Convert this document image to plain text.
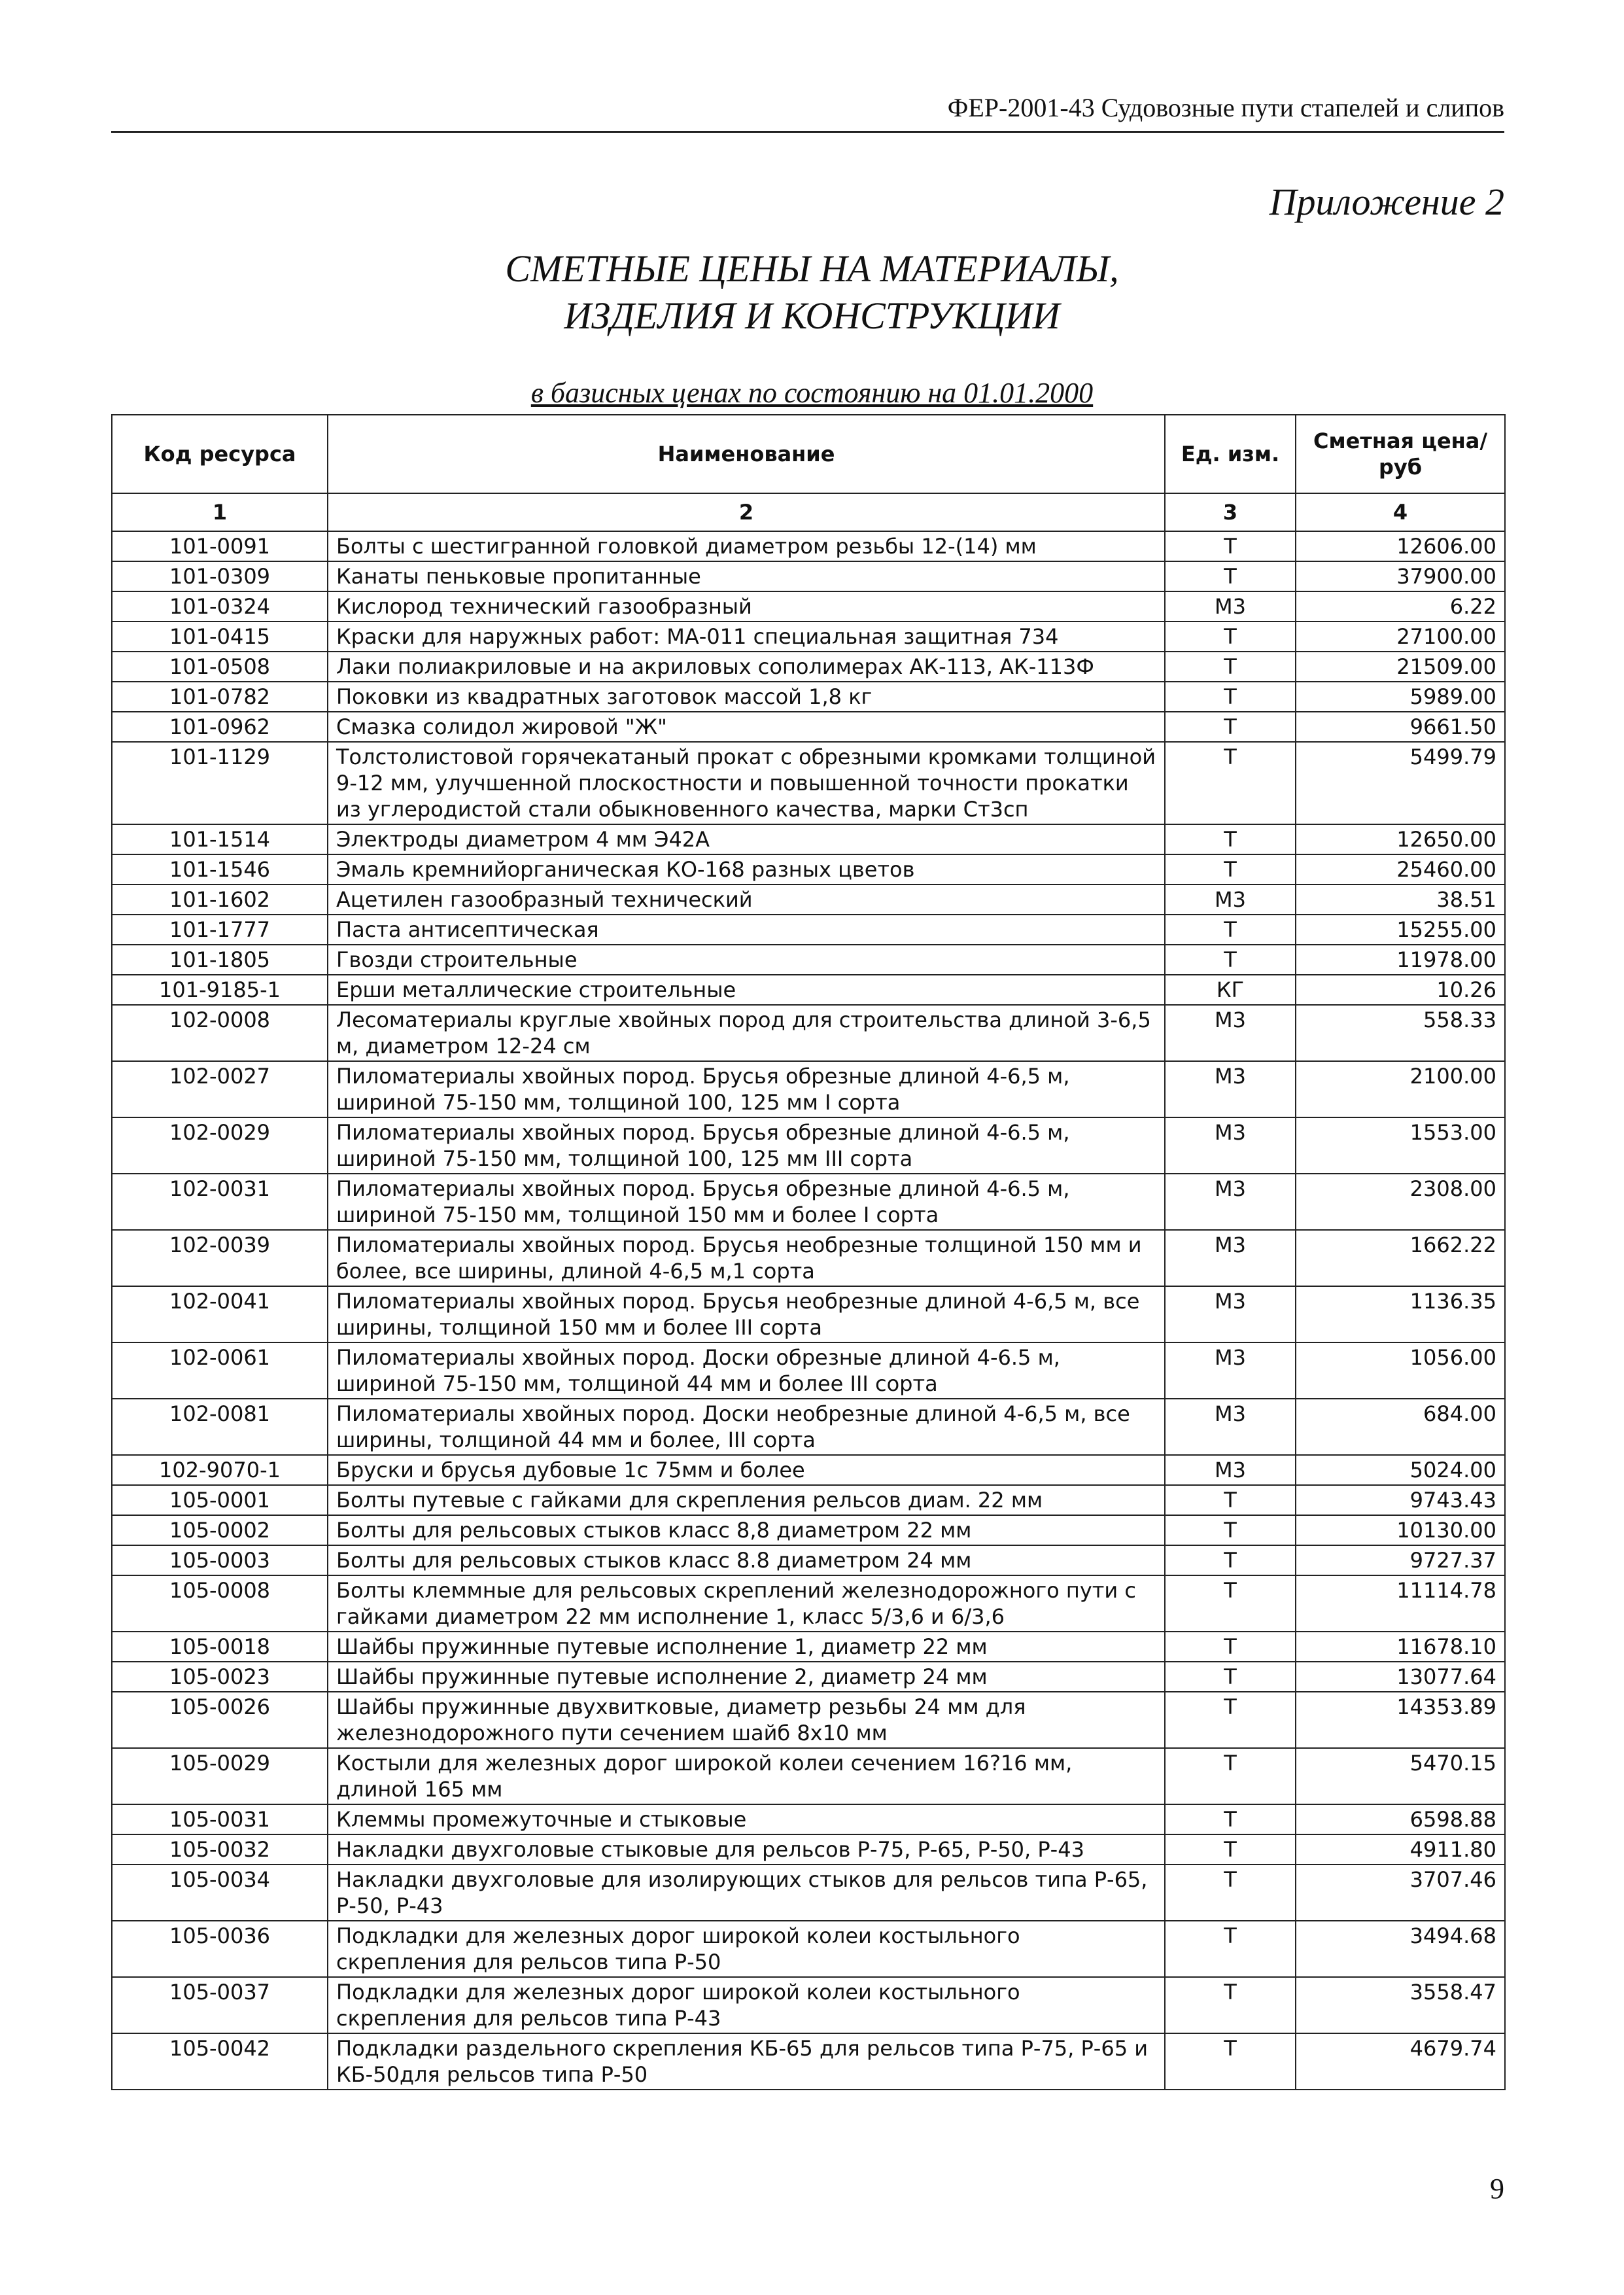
ФЕР-2001-43 Судовозные пути стапелей и слипов
Приложение 2
СМЕТНЫЕ ЦЕНЫ НА МАТЕРИАЛЫ,
ИЗДЕЛИЯ И КОНСТРУКЦИИ
в базисных ценах по состоянию на 01.01.2000
Код ресурса	Наименование	Ед. изм.	Сметная цена/руб
1	2	3	4
101-0091	Болты с шестигранной головкой диаметром резьбы 12-(14) мм	Т	12606.00
101-0309	Канаты пеньковые пропитанные	Т	37900.00
101-0324	Кислород технический газообразный	М3	6.22
101-0415	Краски для наружных работ: МА-011 специальная защитная 734	Т	27100.00
101-0508	Лаки полиакриловые и на акриловых сополимерах АК-113, АК-113Ф	Т	21509.00
101-0782	Поковки из квадратных заготовок массой 1,8 кг	Т	5989.00
101-0962	Смазка солидол жировой "Ж"	Т	9661.50
101-1129	Толстолистовой горячекатаный прокат с обрезными кромками толщиной 9-12 мм, улучшенной плоскостности и повышенной точности прокатки из углеродистой стали обыкновенного качества, марки Ст3сп	Т	5499.79
101-1514	Электроды диаметром 4 мм Э42А	Т	12650.00
101-1546	Эмаль кремнийорганическая КО-168 разных цветов	Т	25460.00
101-1602	Ацетилен газообразный технический	М3	38.51
101-1777	Паста антисептическая	Т	15255.00
101-1805	Гвозди строительные	Т	11978.00
101-9185-1	Ерши металлические строительные	КГ	10.26
102-0008	Лесоматериалы круглые хвойных пород для строительства длиной 3-6,5 м, диаметром 12-24 см	М3	558.33
102-0027	Пиломатериалы хвойных пород. Брусья обрезные длиной 4-6,5 м, шириной 75-150 мм, толщиной 100, 125 мм I сорта	М3	2100.00
102-0029	Пиломатериалы хвойных пород. Брусья обрезные длиной 4-6.5 м, шириной 75-150 мм, толщиной 100, 125 мм III сорта	М3	1553.00
102-0031	Пиломатериалы хвойных пород. Брусья обрезные длиной 4-6.5 м, шириной 75-150 мм, толщиной 150 мм и более I сорта	М3	2308.00
102-0039	Пиломатериалы хвойных пород. Брусья необрезные толщиной 150 мм и более, все ширины, длиной 4-6,5 м,1 сорта	М3	1662.22
102-0041	Пиломатериалы хвойных пород. Брусья необрезные длиной 4-6,5 м, все ширины, толщиной 150 мм и более III сорта	М3	1136.35
102-0061	Пиломатериалы хвойных пород. Доски обрезные длиной 4-6.5 м, шириной 75-150 мм, толщиной 44 мм и более III сорта	М3	1056.00
102-0081	Пиломатериалы хвойных пород. Доски необрезные длиной 4-6,5 м, все ширины, толщиной 44 мм и более, III сорта	М3	684.00
102-9070-1	Бруски и брусья дубовые 1с 75мм и более	М3	5024.00
105-0001	Болты путевые с гайками для скрепления рельсов диам. 22 мм	Т	9743.43
105-0002	Болты для рельсовых стыков класс 8,8 диаметром 22 мм	Т	10130.00
105-0003	Болты для рельсовых стыков класс 8.8 диаметром 24 мм	Т	9727.37
105-0008	Болты клеммные для рельсовых скреплений железнодорожного пути с гайками диаметром 22 мм исполнение 1, класс 5/3,6 и 6/3,6	Т	11114.78
105-0018	Шайбы пружинные путевые исполнение 1, диаметр 22 мм	Т	11678.10
105-0023	Шайбы пружинные путевые исполнение 2, диаметр 24 мм	Т	13077.64
105-0026	Шайбы пружинные двухвитковые, диаметр резьбы 24 мм для железнодорожного пути сечением шайб 8х10 мм	Т	14353.89
105-0029	Костыли для железных дорог широкой колеи сечением 16?16 мм, длиной 165 мм	Т	5470.15
105-0031	Клеммы промежуточные и стыковые	Т	6598.88
105-0032	Накладки двухголовые стыковые для рельсов Р-75, Р-65, Р-50, Р-43	Т	4911.80
105-0034	Накладки двухголовые для изолирующих стыков для рельсов типа Р-65, Р-50, Р-43	Т	3707.46
105-0036	Подкладки для железных дорог широкой колеи костыльного скрепления для рельсов типа Р-50	Т	3494.68
105-0037	Подкладки для железных дорог широкой колеи костыльного скрепления для рельсов типа Р-43	Т	3558.47
105-0042	Подкладки раздельного скрепления КБ-65 для рельсов типа Р-75, Р-65 и КБ-50для рельсов типа Р-50	Т	4679.74
9
